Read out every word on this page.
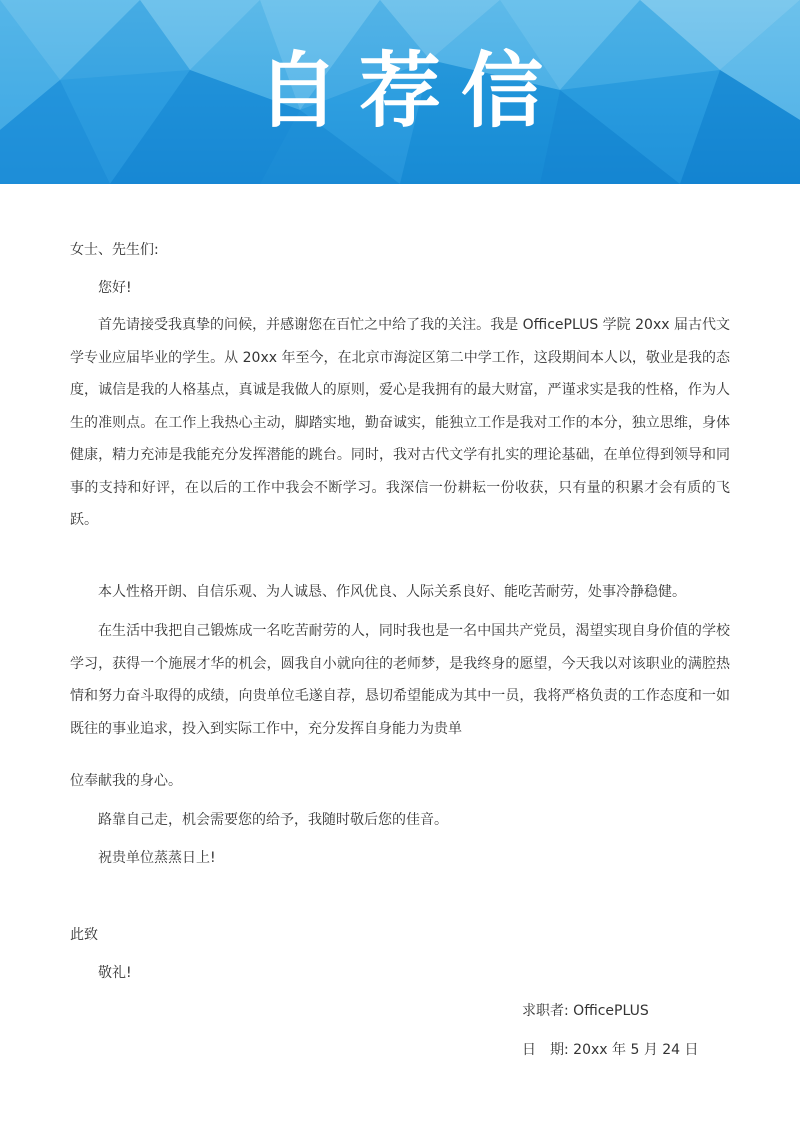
自荐信
女士、先生们:
您好!
首先请接受我真挚的问候，并感谢您在百忙之中给了我的关注。我是 OfficePLUS 学院 20xx 届古代文学专业应届毕业的学生。从 20xx 年至今，在北京市海淀区第二中学工作，这段期间本人以，敬业是我的态度，诚信是我的人格基点，真诚是我做人的原则，爱心是我拥有的最大财富，严谨求实是我的性格，作为人生的准则点。在工作上我热心主动，脚踏实地，勤奋诚实，能独立工作是我对工作的本分，独立思维，身体健康，精力充沛是我能充分发挥潜能的跳台。同时，我对古代文学有扎实的理论基础，在单位得到领导和同事的支持和好评，在以后的工作中我会不断学习。我深信一份耕耘一份收获，只有量的积累才会有质的飞跃。
本人性格开朗、自信乐观、为人诚恳、作风优良、人际关系良好、能吃苦耐劳，处事冷静稳健。
在生活中我把自己锻炼成一名吃苦耐劳的人，同时我也是一名中国共产党员，渴望实现自身价值的学校学习，获得一个施展才华的机会，圆我自小就向往的老师梦，是我终身的愿望，今天我以对该职业的满腔热情和努力奋斗取得的成绩，向贵单位毛遂自荐，恳切希望能成为其中一员，我将严格负责的工作态度和一如既往的事业追求，投入到实际工作中，充分发挥自身能力为贵单
位奉献我的身心。
路靠自己走，机会需要您的给予，我随时敬后您的佳音。
祝贵单位蒸蒸日上!
此致
敬礼!
求职者: OfficePLUS
日　期: 20xx 年 5 月 24 日
